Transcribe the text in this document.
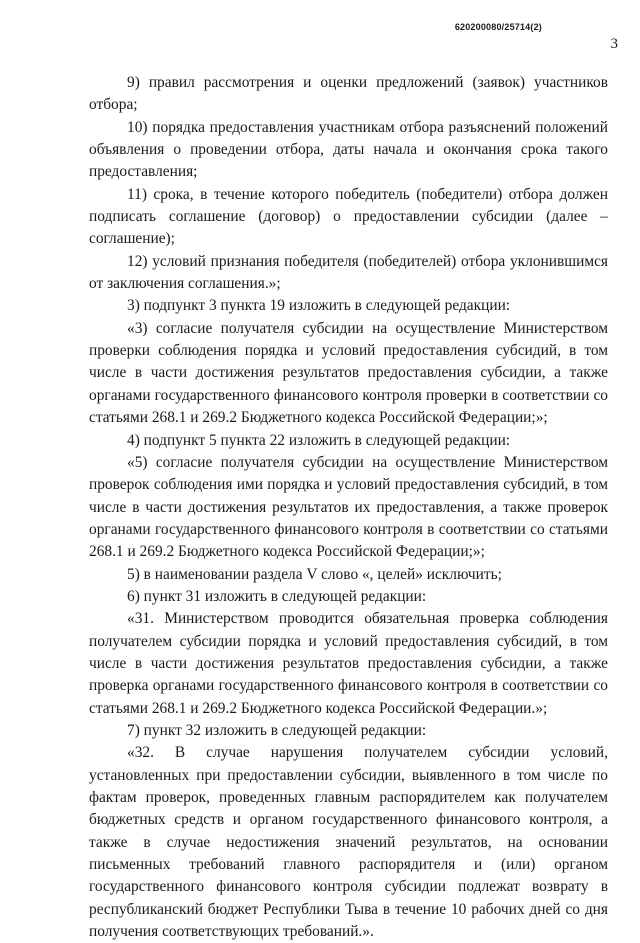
620200080/25714(2)
3

9) правил рассмотрения и оценки предложений (заявок) участников отбора;

10) порядка предоставления участникам отбора разъяснений положений объявления о проведении отбора, даты начала и окончания срока такого предоставления;

11) срока, в течение которого победитель (победители) отбора должен подписать соглашение (договор) о предоставлении субсидии (далее – соглашение);

12) условий признания победителя (победителей) отбора уклонившимся от заключения соглашения.»;

3) подпункт 3 пункта 19 изложить в следующей редакции:

«3) согласие получателя субсидии на осуществление Министерством проверки соблюдения порядка и условий предоставления субсидий, в том числе в части достижения результатов предоставления субсидии, а также органами государственного финансового контроля проверки в соответствии со статьями 268.1 и 269.2 Бюджетного кодекса Российской Федерации;»;

4) подпункт 5 пункта 22 изложить в следующей редакции:

«5) согласие получателя субсидии на осуществление Министерством проверок соблюдения ими порядка и условий предоставления субсидий, в том числе в части достижения результатов их предоставления, а также проверок органами государственного финансового контроля в соответствии со статьями 268.1 и 269.2 Бюджетного кодекса Российской Федерации;»;

5) в наименовании раздела V слово «, целей» исключить;

6) пункт 31 изложить в следующей редакции:

«31. Министерством проводится обязательная проверка соблюдения получателем субсидии порядка и условий предоставления субсидий, в том числе в части достижения результатов предоставления субсидии, а также проверка органами государственного финансового контроля в соответствии со статьями 268.1 и 269.2 Бюджетного кодекса Российской Федерации.»;

7) пункт 32 изложить в следующей редакции:

«32. В случае нарушения получателем субсидии условий, установленных при предоставлении субсидии, выявленного в том числе по фактам проверок, проведенных главным распорядителем как получателем бюджетных средств и органом государственного финансового контроля, а также в случае недостижения значений результатов, на основании письменных требований главного распорядителя и (или) органом государственного финансового контроля субсидии подлежат возврату в республиканский бюджет Республики Тыва в течение 10 рабочих дней со дня получения соответствующих требований.».
